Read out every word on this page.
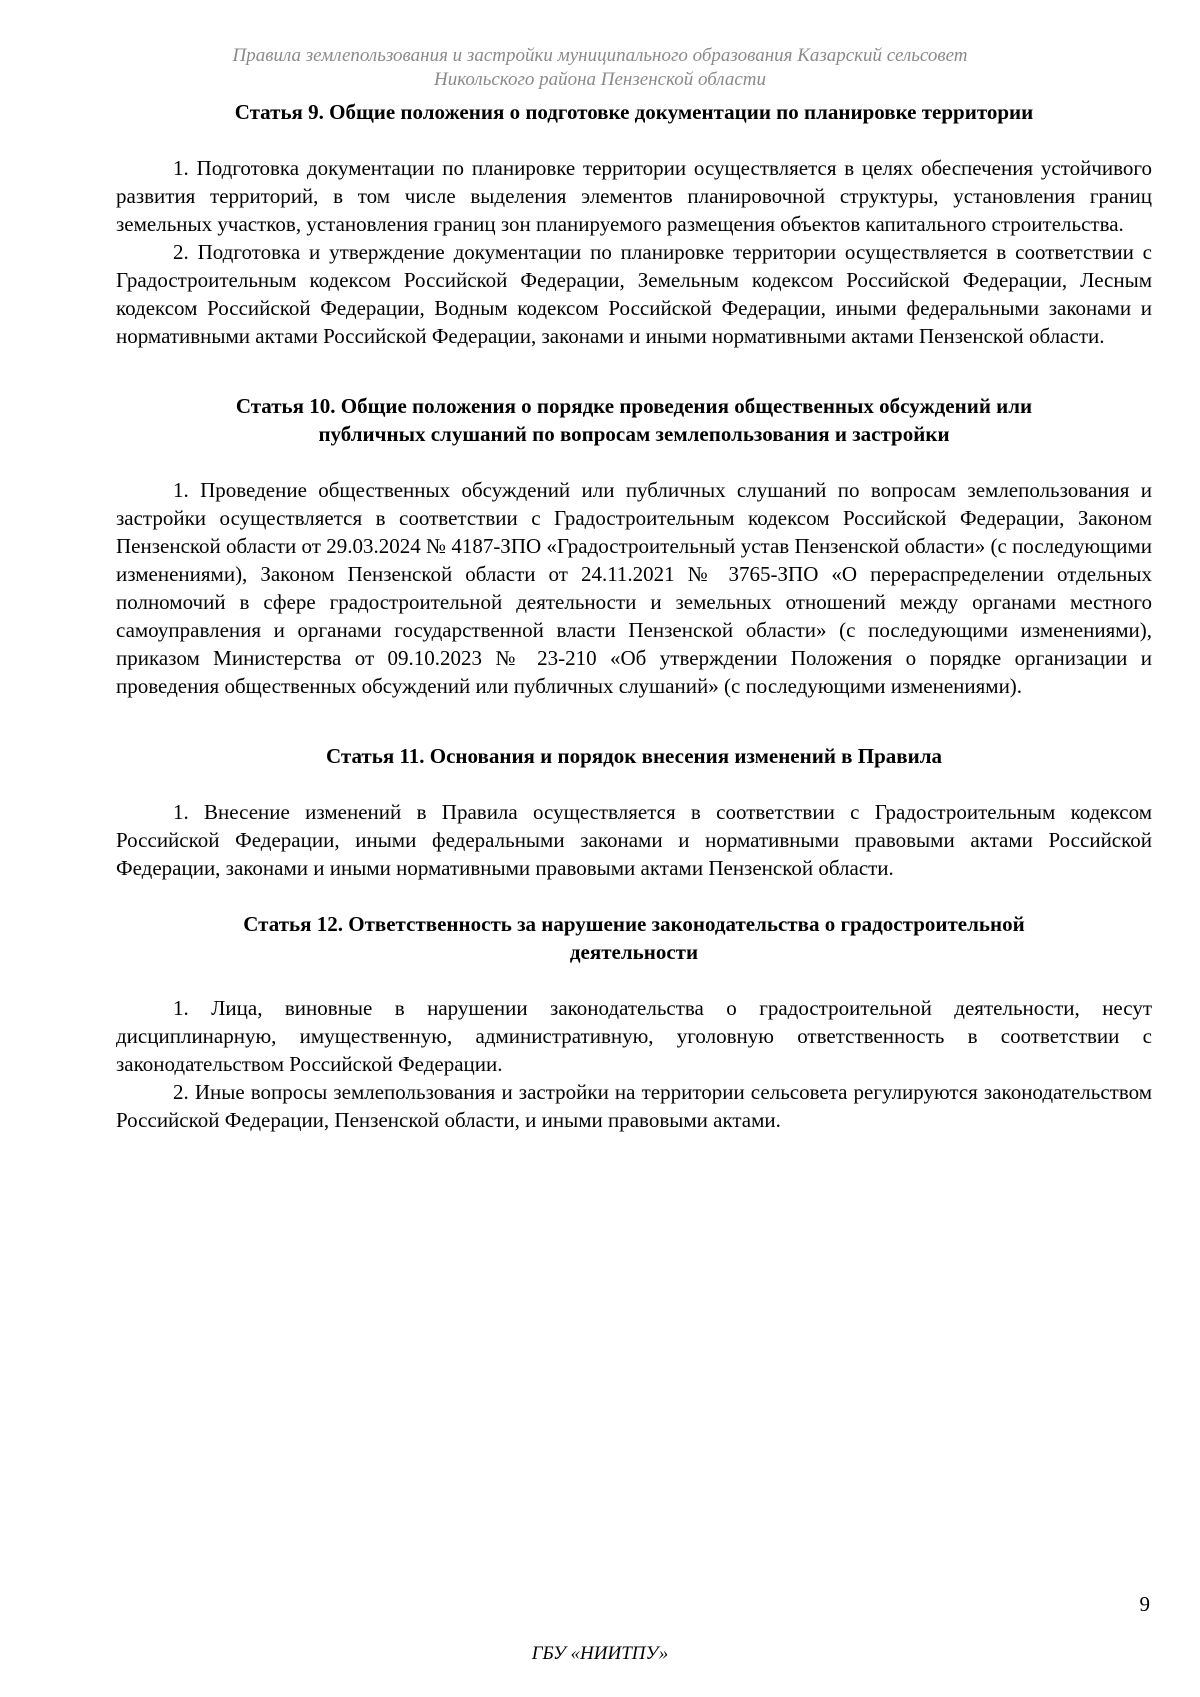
Правила землепользования и застройки муниципального образования Казарский сельсовет
Никольского района Пензенской области
Статья 9. Общие положения о подготовке документации по планировке территории

1. Подготовка документации по планировке территории осуществляется в целях обеспечения устойчивого развития территорий, в том числе выделения элементов планировочной структуры, установления границ земельных участков, установления границ зон планируемого размещения объектов капитального строительства.

2. Подготовка и утверждение документации по планировке территории осуществляется в соответствии с Градостроительным кодексом Российской Федерации, Земельным кодексом Российской Федерации, Лесным кодексом Российской Федерации, Водным кодексом Российской Федерации, иными федеральными законами и нормативными актами Российской Федерации, законами и иными нормативными актами Пензенской области.

Статья 10. Общие положения о порядке проведения общественных обсуждений или
публичных слушаний по вопросам землепользования и застройки

1. Проведение общественных обсуждений или публичных слушаний по вопросам землепользования и застройки осуществляется в соответствии с Градостроительным кодексом Российской Федерации, Законом Пензенской области от 29.03.2024 № 4187-ЗПО «Градостроительный устав Пензенской области» (с последующими изменениями), Законом Пензенской области от 24.11.2021 № 3765-ЗПО «О перераспределении отдельных полномочий в сфере градостроительной деятельности и земельных отношений между органами местного самоуправления и органами государственной власти Пензенской области» (с последующими изменениями), приказом Министерства от 09.10.2023 № 23-210 «Об утверждении Положения о порядке организации и проведения общественных обсуждений или публичных слушаний» (с последующими изменениями).

Статья 11. Основания и порядок внесения изменений в Правила

1. Внесение изменений в Правила осуществляется в соответствии с Градостроительным кодексом Российской Федерации, иными федеральными законами и нормативными правовыми актами Российской Федерации, законами и иными нормативными правовыми актами Пензенской области.

Статья 12. Ответственность за нарушение законодательства о градостроительной
деятельности

1. Лица, виновные в нарушении законодательства о градостроительной деятельности, несут дисциплинарную, имущественную, административную, уголовную ответственность в соответствии с законодательством Российской Федерации.

2. Иные вопросы землепользования и застройки на территории сельсовета регулируются законодательством Российской Федерации, Пензенской области, и иными правовыми актами.

9
ГБУ «НИИТПУ»
